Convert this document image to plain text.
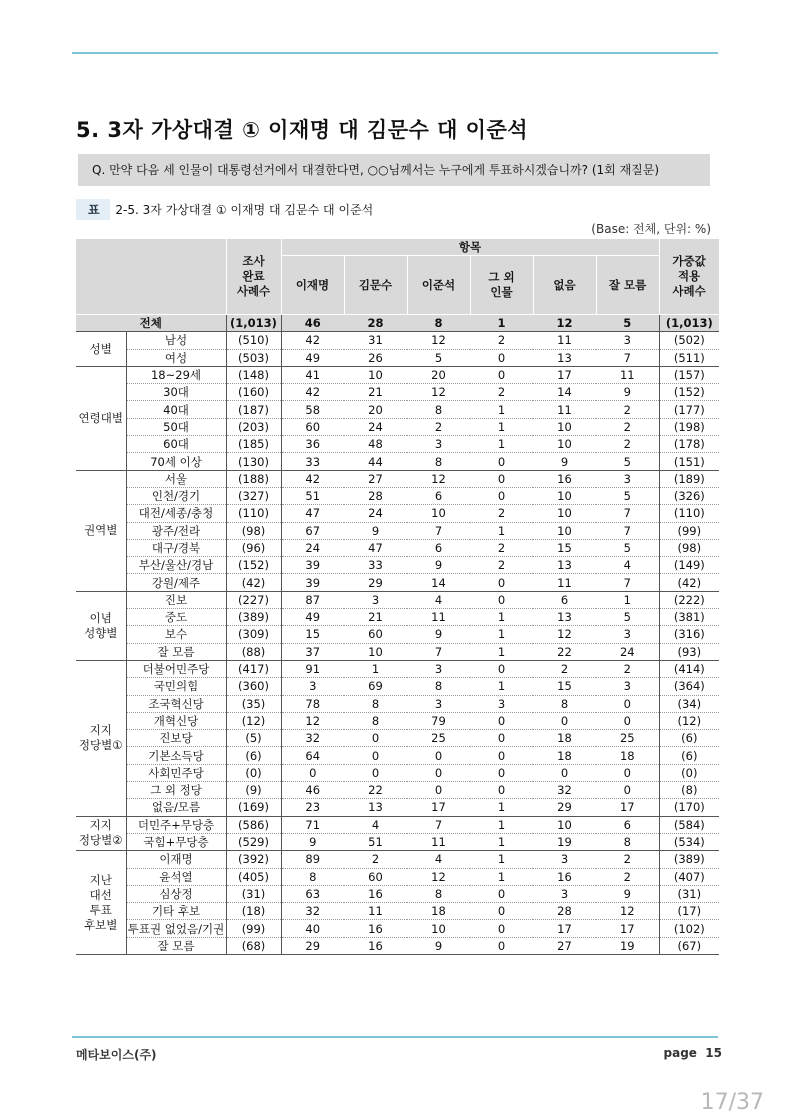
5. 3자 가상대결 ① 이재명 대 김문수 대 이준석
Q. 만약 다음 세 인물이 대통령선거에서 대결한다면, ○○님께서는 누구에게 투표하시겠습니까? (1회 재질문)
표 2-5. 3자 가상대결 ① 이재명 대 김문수 대 이준석
(Base: 전체, 단위: %)
		조사
완료
사례수	항목						가중값
적용
사례수
			이재명	김문수	이준석	그 외
인물	없음	잘 모름	
전체		(1,013)	46	28	8	1	12	5	(1,013)
성별	남성	(510)	42	31	12	2	11	3	(502)
	여성	(503)	49	26	5	0	13	7	(511)
연령대별	18~29세	(148)	41	10	20	0	17	11	(157)
	30대	(160)	42	21	12	2	14	9	(152)
	40대	(187)	58	20	8	1	11	2	(177)
	50대	(203)	60	24	2	1	10	2	(198)
	60대	(185)	36	48	3	1	10	2	(178)
	70세 이상	(130)	33	44	8	0	9	5	(151)
권역별	서울	(188)	42	27	12	0	16	3	(189)
	인천/경기	(327)	51	28	6	0	10	5	(326)
	대전/세종/충청	(110)	47	24	10	2	10	7	(110)
	광주/전라	(98)	67	9	7	1	10	7	(99)
	대구/경북	(96)	24	47	6	2	15	5	(98)
	부산/울산/경남	(152)	39	33	9	2	13	4	(149)
	강원/제주	(42)	39	29	14	0	11	7	(42)
이념
성향별	진보	(227)	87	3	4	0	6	1	(222)
	중도	(389)	49	21	11	1	13	5	(381)
	보수	(309)	15	60	9	1	12	3	(316)
	잘 모름	(88)	37	10	7	1	22	24	(93)
지지
정당별①	더불어민주당	(417)	91	1	3	0	2	2	(414)
	국민의힘	(360)	3	69	8	1	15	3	(364)
	조국혁신당	(35)	78	8	3	3	8	0	(34)
	개혁신당	(12)	12	8	79	0	0	0	(12)
	진보당	(5)	32	0	25	0	18	25	(6)
	기본소득당	(6)	64	0	0	0	18	18	(6)
	사회민주당	(0)	0	0	0	0	0	0	(0)
	그 외 정당	(9)	46	22	0	0	32	0	(8)
	없음/모름	(169)	23	13	17	1	29	17	(170)
지지
정당별②	더민주+무당층	(586)	71	4	7	1	10	6	(584)
	국힘+무당층	(529)	9	51	11	1	19	8	(534)
지난
대선
투표
후보별	이재명	(392)	89	2	4	1	3	2	(389)
	윤석열	(405)	8	60	12	1	16	2	(407)
	심상정	(31)	63	16	8	0	3	9	(31)
	기타 후보	(18)	32	11	18	0	28	12	(17)
	투표권 없었음/기권	(99)	40	16	10	0	17	17	(102)
	잘 모름	(68)	29	16	9	0	27	19	(67)
메타보이스(주)	page  15
17/37
